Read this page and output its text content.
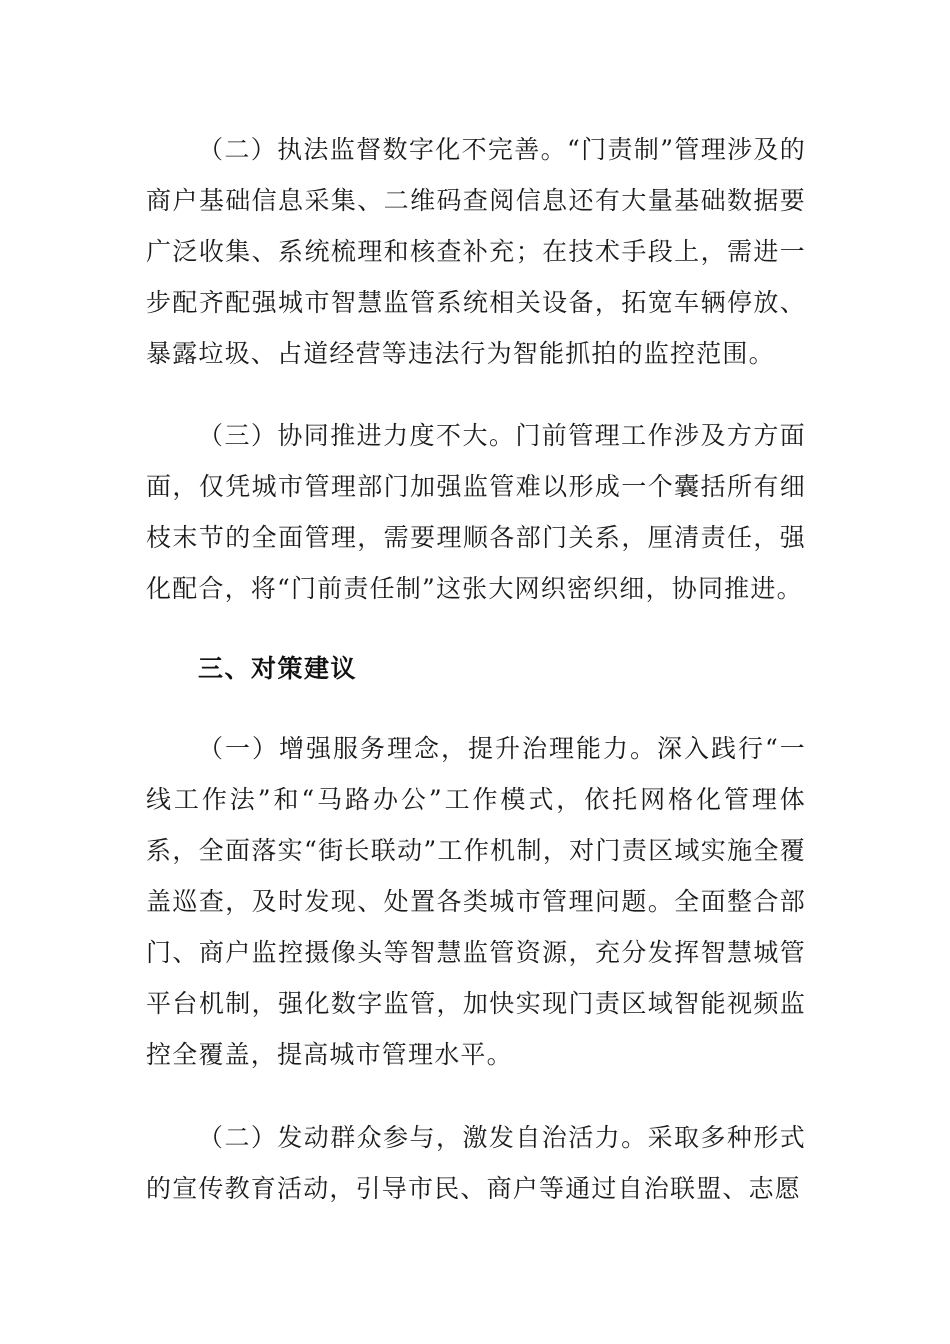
（二）执法监督数字化不完善。“门责制”管理涉及的商户基础信息采集、二维码查阅信息还有大量基础数据要广泛收集、系统梳理和核查补充；在技术手段上，需进一步配齐配强城市智慧监管系统相关设备，拓宽车辆停放、暴露垃圾、占道经营等违法行为智能抓拍的监控范围。

（三）协同推进力度不大。门前管理工作涉及方方面面，仅凭城市管理部门加强监管难以形成一个囊括所有细枝末节的全面管理，需要理顺各部门关系，厘清责任，强化配合，将“门前责任制”这张大网织密织细，协同推进。

三、对策建议

（一）增强服务理念，提升治理能力。深入践行“一线工作法”和“马路办公”工作模式，依托网格化管理体系，全面落实“街长联动”工作机制，对门责区域实施全覆盖巡查，及时发现、处置各类城市管理问题。全面整合部门、商户监控摄像头等智慧监管资源，充分发挥智慧城管平台机制，强化数字监管，加快实现门责区域智能视频监控全覆盖，提高城市管理水平。

（二）发动群众参与，激发自治活力。采取多种形式的宣传教育活动，引导市民、商户等通过自治联盟、志愿
